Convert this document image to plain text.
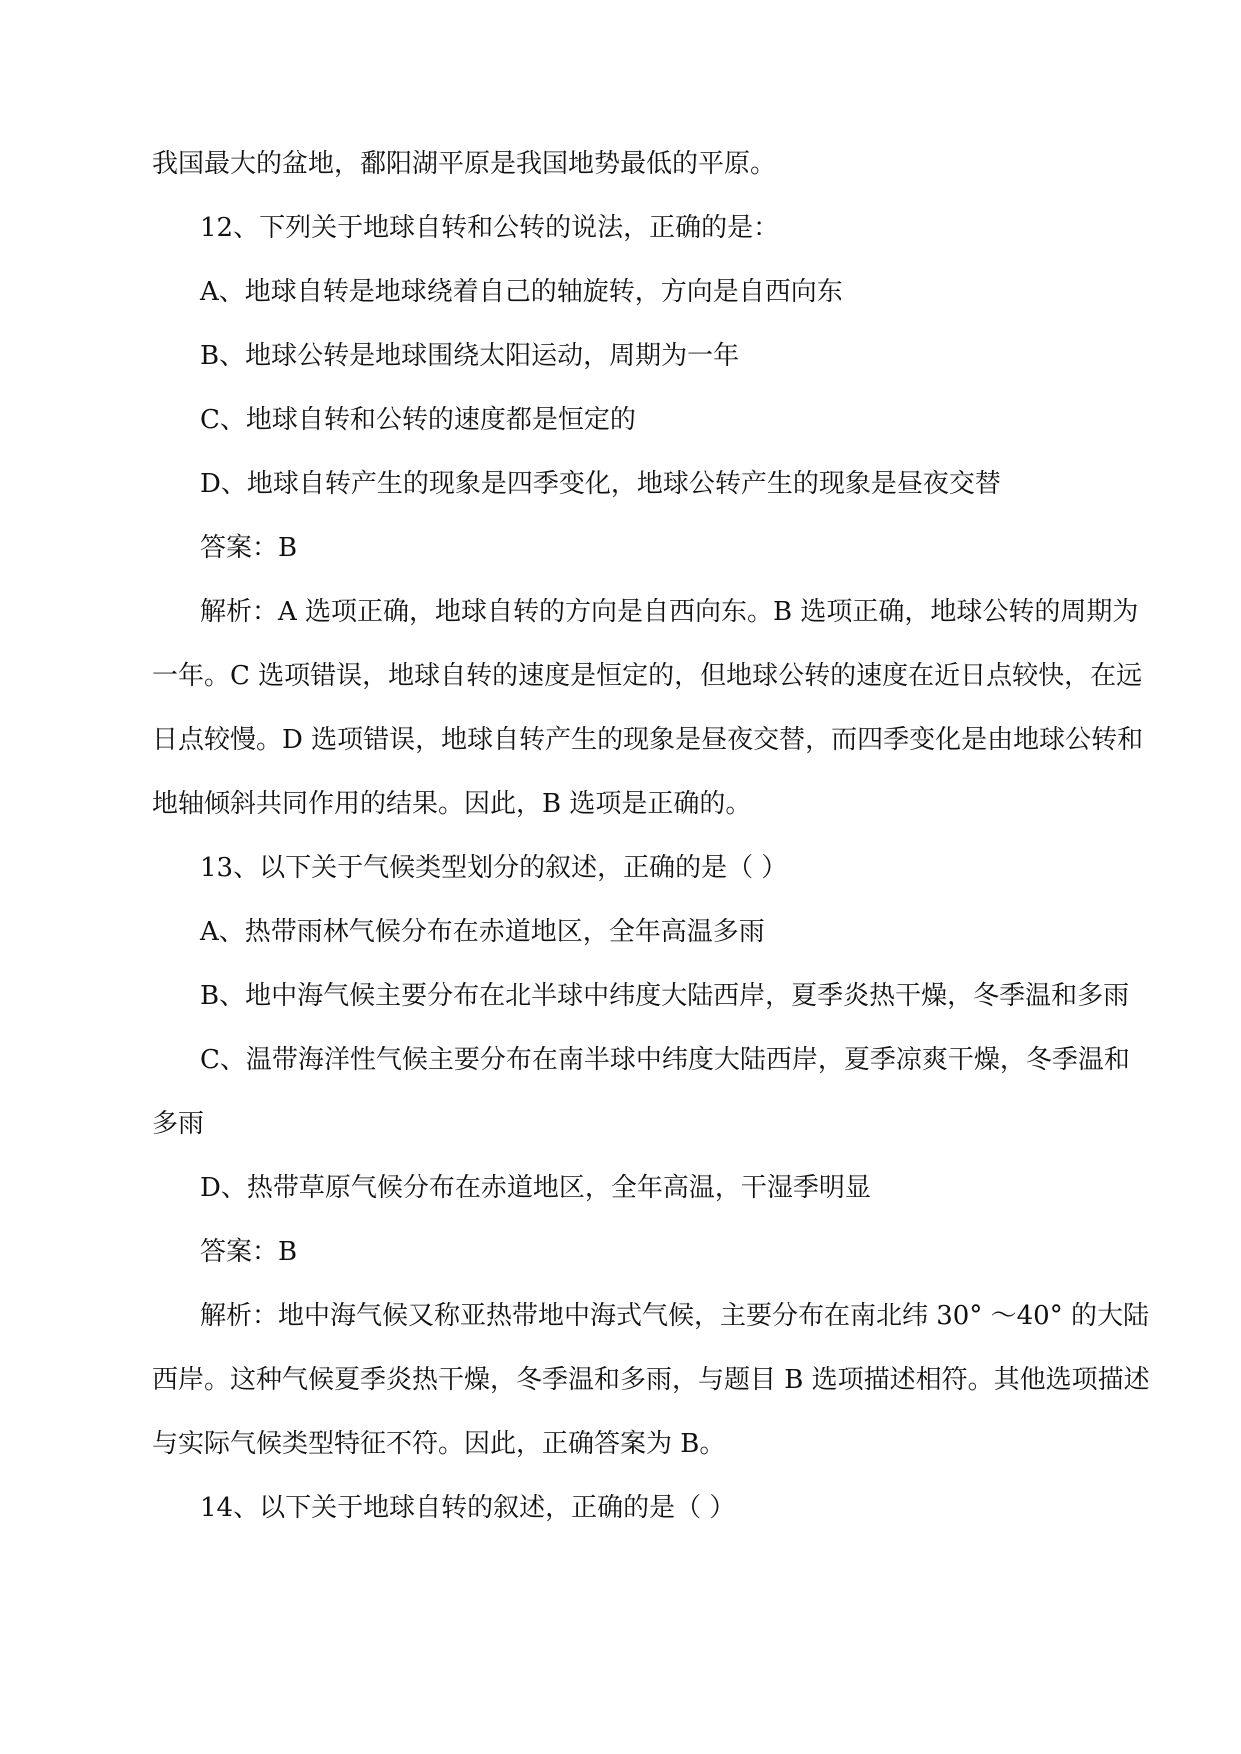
我国最大的盆地，鄱阳湖平原是我国地势最低的平原。

12、下列关于地球自转和公转的说法，正确的是：

A、地球自转是地球绕着自己的轴旋转，方向是自西向东

B、地球公转是地球围绕太阳运动，周期为一年

C、地球自转和公转的速度都是恒定的

D、地球自转产生的现象是四季变化，地球公转产生的现象是昼夜交替

答案：B

解析：A 选项正确，地球自转的方向是自西向东。B 选项正确，地球公转的周期为

一年。C 选项错误，地球自转的速度是恒定的，但地球公转的速度在近日点较快，在远

日点较慢。D 选项错误，地球自转产生的现象是昼夜交替，而四季变化是由地球公转和

地轴倾斜共同作用的结果。因此，B 选项是正确的。

13、以下关于气候类型划分的叙述，正确的是（ ）

A、热带雨林气候分布在赤道地区，全年高温多雨

B、地中海气候主要分布在北半球中纬度大陆西岸，夏季炎热干燥，冬季温和多雨

C、温带海洋性气候主要分布在南半球中纬度大陆西岸，夏季凉爽干燥，冬季温和

多雨

D、热带草原气候分布在赤道地区，全年高温，干湿季明显

答案：B

解析：地中海气候又称亚热带地中海式气候，主要分布在南北纬 30° ～40° 的大陆

西岸。这种气候夏季炎热干燥，冬季温和多雨，与题目 B 选项描述相符。其他选项描述

与实际气候类型特征不符。因此，正确答案为 B。

14、以下关于地球自转的叙述，正确的是（ ）
